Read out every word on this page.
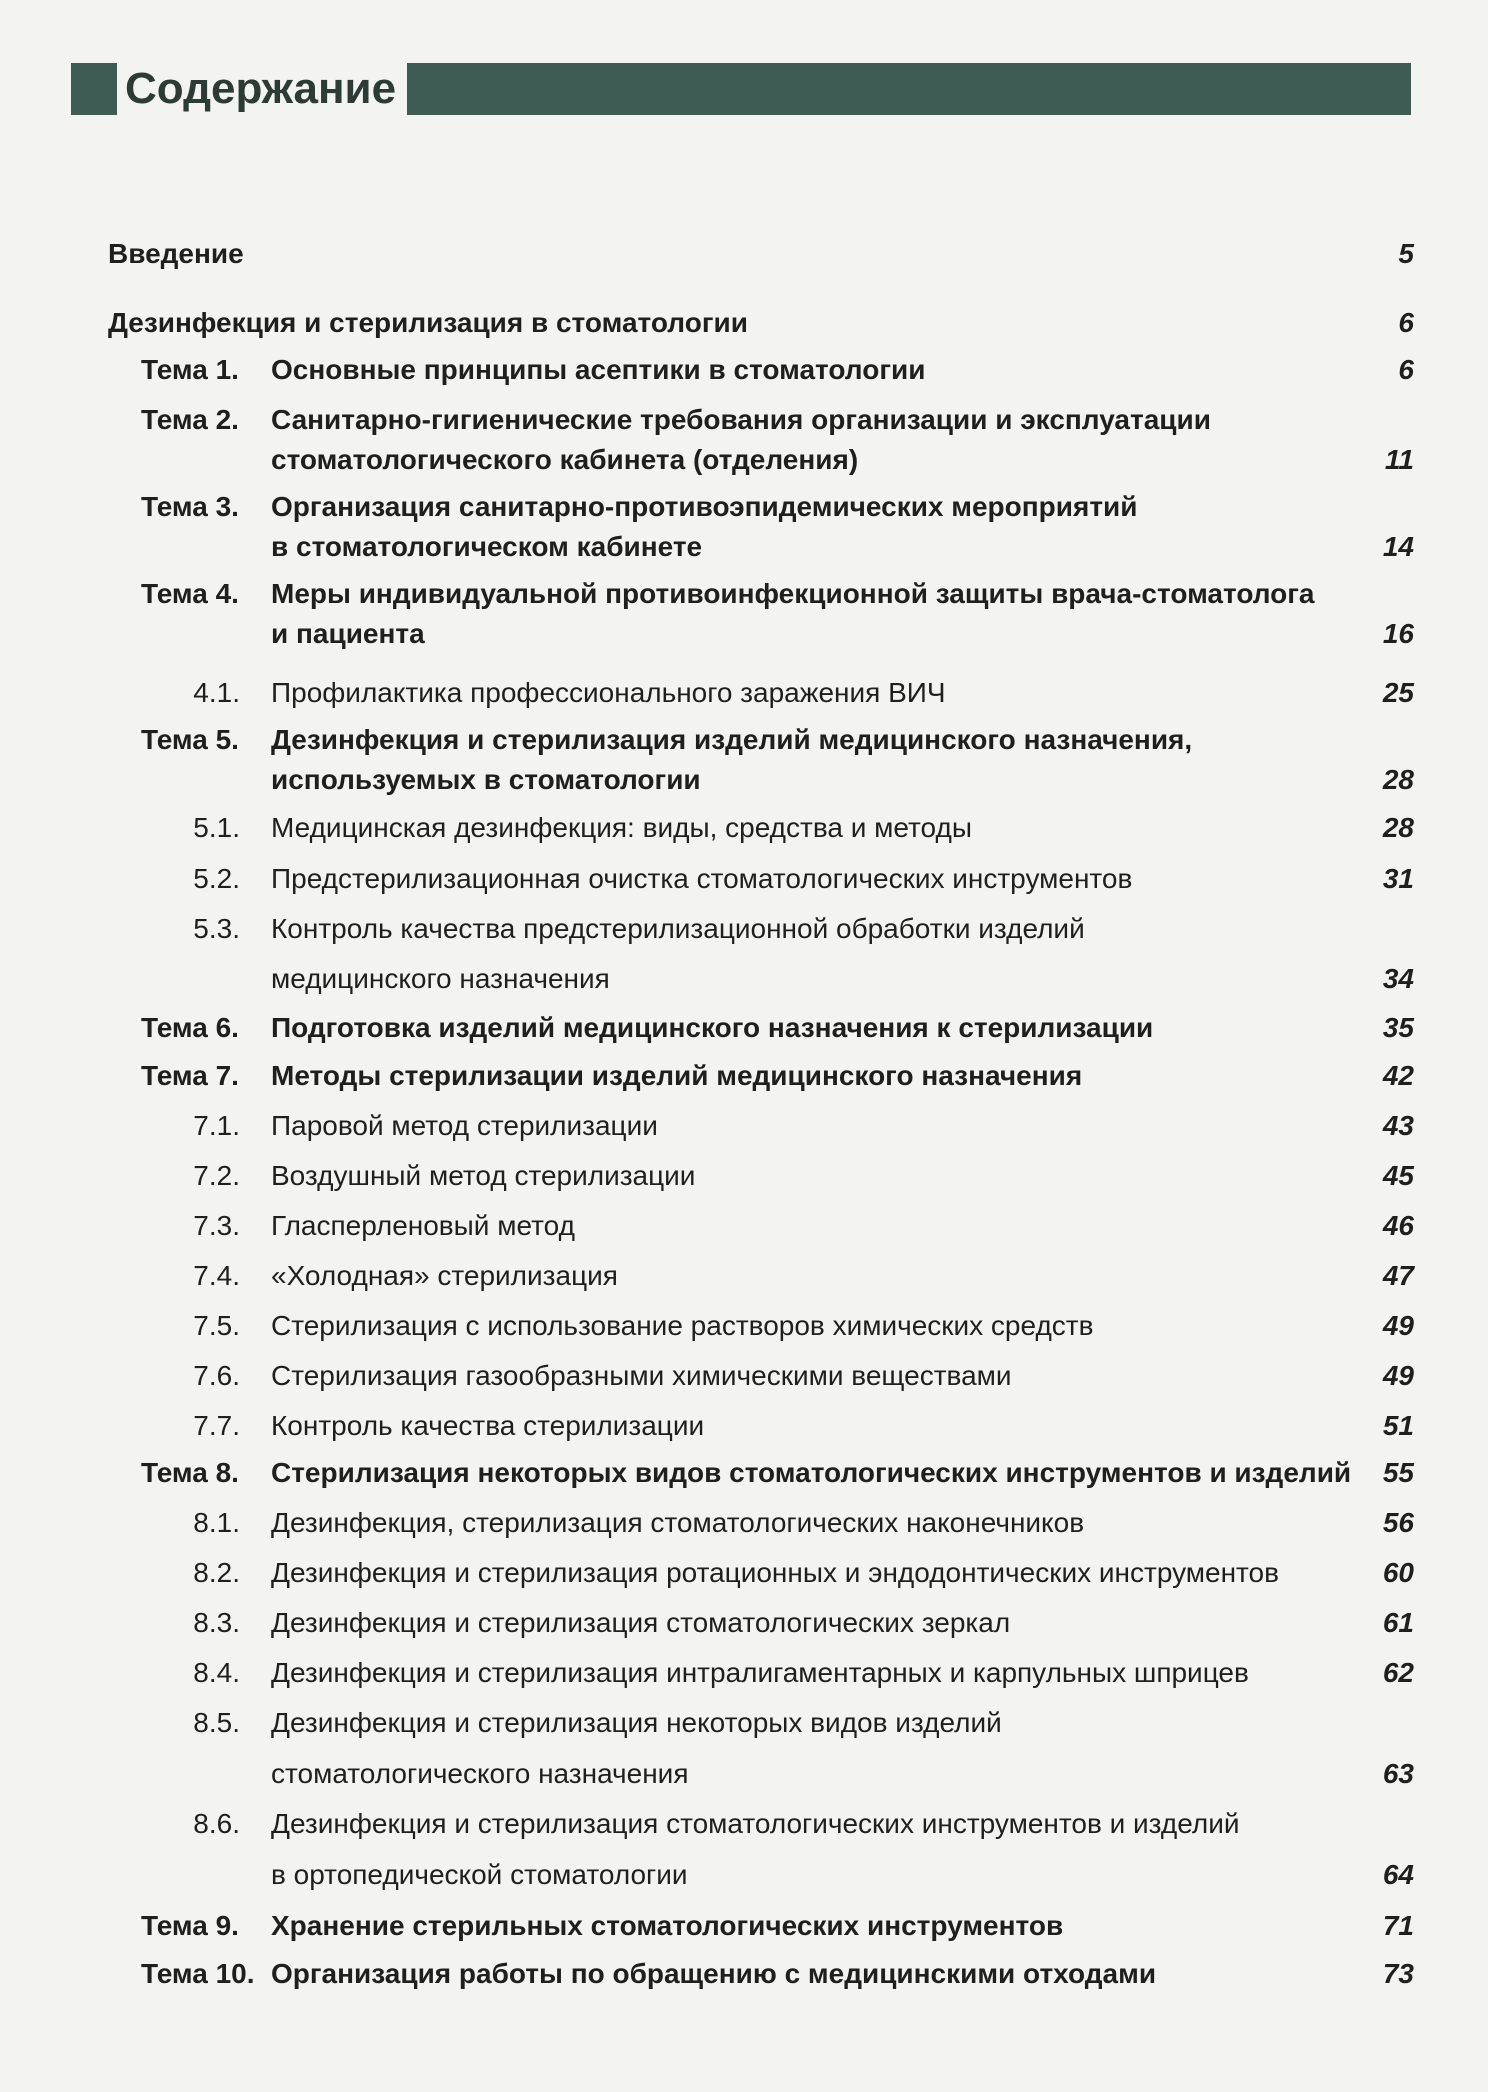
Содержание
Введение	5
Дезинфекция и стерилизация в стоматологии	6
Тема 1. Основные принципы асептики в стоматологии	6
Тема 2. Санитарно-гигиенические требования организации и эксплуатации
стоматологического кабинета (отделения)	11
Тема 3. Организация санитарно-противоэпидемических мероприятий
в стоматологическом кабинете	14
Тема 4. Меры индивидуальной противоинфекционной защиты врача-стоматолога
и пациента	16
4.1. Профилактика профессионального заражения ВИЧ	25
Тема 5. Дезинфекция и стерилизация изделий медицинского назначения,
используемых в стоматологии	28
5.1. Медицинская дезинфекция: виды, средства и методы	28
5.2. Предстерилизационная очистка стоматологических инструментов	31
5.3. Контроль качества предстерилизационной обработки изделий
медицинского назначения	34
Тема 6. Подготовка изделий медицинского назначения к стерилизации	35
Тема 7. Методы стерилизации изделий медицинского назначения	42
7.1. Паровой метод стерилизации	43
7.2. Воздушный метод стерилизации	45
7.3. Гласперленовый метод	46
7.4. «Холодная» стерилизация	47
7.5. Стерилизация с использование растворов химических средств	49
7.6. Стерилизация газообразными химическими веществами	49
7.7. Контроль качества стерилизации	51
Тема 8. Стерилизация некоторых видов стоматологических инструментов и изделий	55
8.1. Дезинфекция, стерилизация стоматологических наконечников	56
8.2. Дезинфекция и стерилизация ротационных и эндодонтических инструментов	60
8.3. Дезинфекция и стерилизация стоматологических зеркал	61
8.4. Дезинфекция и стерилизация интралигаментарных и карпульных шприцев	62
8.5. Дезинфекция и стерилизация некоторых видов изделий
стоматологического назначения	63
8.6. Дезинфекция и стерилизация стоматологических инструментов и изделий
в ортопедической стоматологии	64
Тема 9. Хранение стерильных стоматологических инструментов	71
Тема 10. Организация работы по обращению с медицинскими отходами	73
